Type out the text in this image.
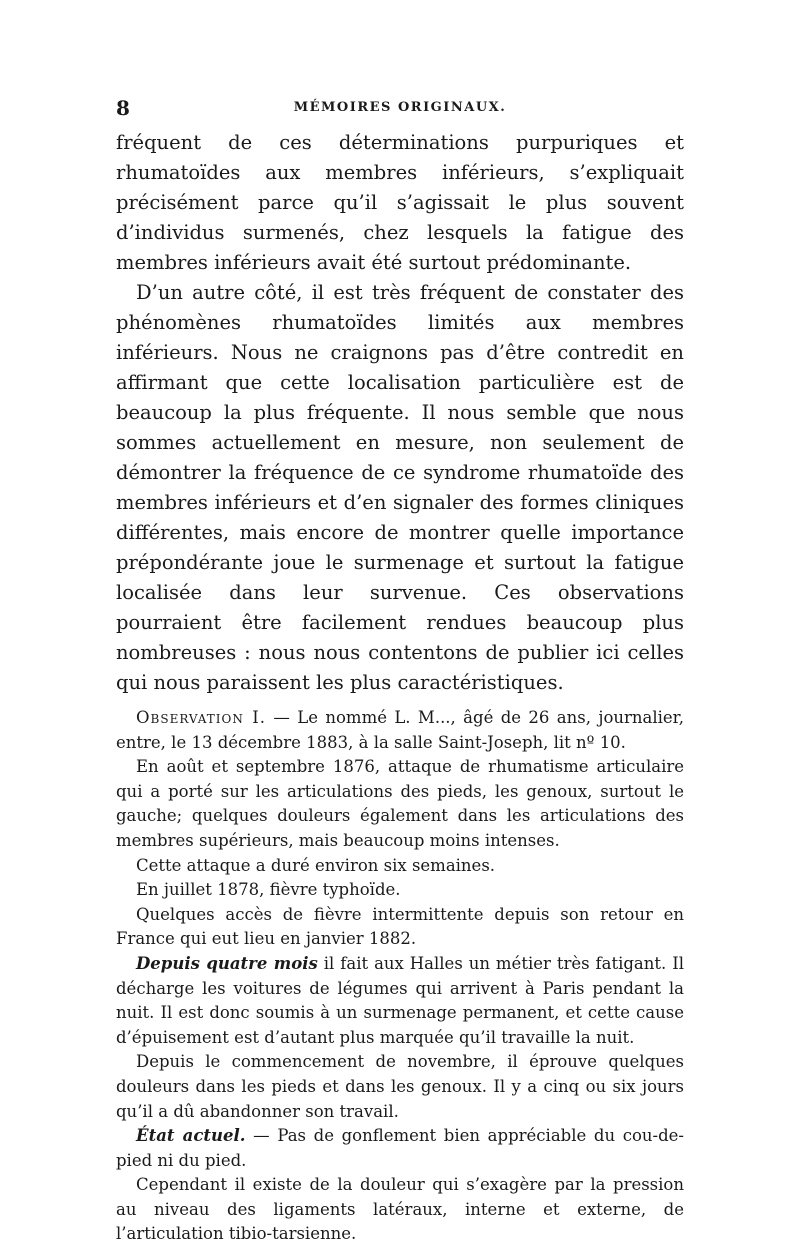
8	MÉMOIRES ORIGINAUX.

fréquent de ces déterminations purpuriques et rhumatoïdes aux membres inférieurs, s’expliquait précisément parce qu’il s’agissait le plus souvent d’individus surmenés, chez lesquels la fatigue des membres inférieurs avait été surtout prédominante.

D’un autre côté, il est très fréquent de constater des phénomènes rhumatoïdes limités aux membres inférieurs. Nous ne craignons pas d’être contredit en affirmant que cette localisation particulière est de beaucoup la plus fréquente. Il nous semble que nous sommes actuellement en mesure, non seulement de démontrer la fréquence de ce syndrome rhumatoïde des membres inférieurs et d’en signaler des formes cliniques différentes, mais encore de montrer quelle importance prépondérante joue le surmenage et surtout la fatigue localisée dans leur survenue. Ces observations pourraient être facilement rendues beaucoup plus nombreuses : nous nous contentons de publier ici celles qui nous paraissent les plus caractéristiques.

Observation I. — Le nommé L. M..., âgé de 26 ans, journalier, entre, le 13 décembre 1883, à la salle Saint-Joseph, lit nº 10.

En août et septembre 1876, attaque de rhumatisme articulaire qui a porté sur les articulations des pieds, les genoux, surtout le gauche; quelques douleurs également dans les articulations des membres supérieurs, mais beaucoup moins intenses.

Cette attaque a duré environ six semaines.

En juillet 1878, fièvre typhoïde.

Quelques accès de fièvre intermittente depuis son retour en France qui eut lieu en janvier 1882.

Depuis quatre mois il fait aux Halles un métier très fatigant. Il décharge les voitures de légumes qui arrivent à Paris pendant la nuit. Il est donc soumis à un surmenage permanent, et cette cause d’épuisement est d’autant plus marquée qu’il travaille la nuit.

Depuis le commencement de novembre, il éprouve quelques douleurs dans les pieds et dans les genoux. Il y a cinq ou six jours qu’il a dû abandonner son travail.

État actuel. — Pas de gonflement bien appréciable du cou-de-pied ni du pied.

Cependant il existe de la douleur qui s’exagère par la pression au niveau des ligaments latéraux, interne et externe, de l’articulation tibio-tarsienne.
